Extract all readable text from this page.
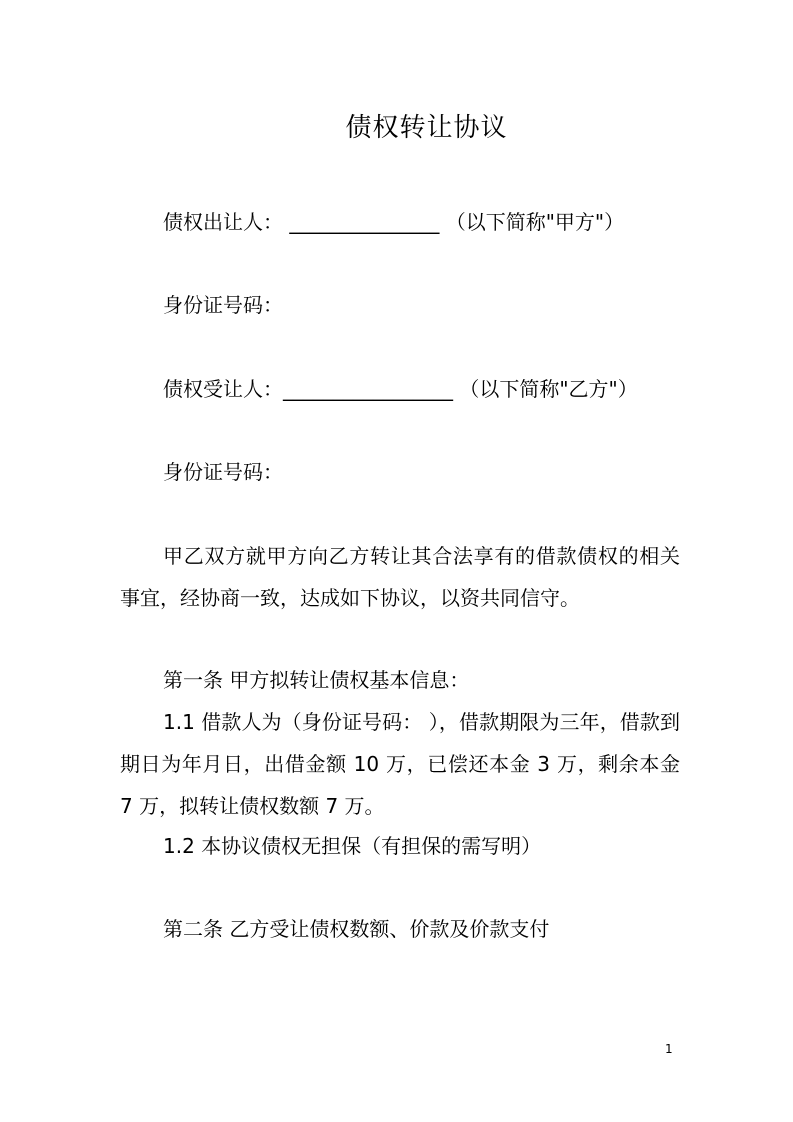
债权转让协议
债权出让人： _______________ （以下简称"甲方"）
身份证号码：
债权受让人：_________________ （以下简称"乙方"）
身份证号码：
甲乙双方就甲方向乙方转让其合法享有的借款债权的相关事宜，经协商一致，达成如下协议，以资共同信守。
第一条 甲方拟转让债权基本信息：
1.1 借款人为（身份证号码： ），借款期限为三年，借款到期日为年月日，出借金额 10 万，已偿还本金 3 万，剩余本金 7 万，拟转让债权数额 7 万。
1.2 本协议债权无担保（有担保的需写明）
第二条 乙方受让债权数额、价款及价款支付
1
